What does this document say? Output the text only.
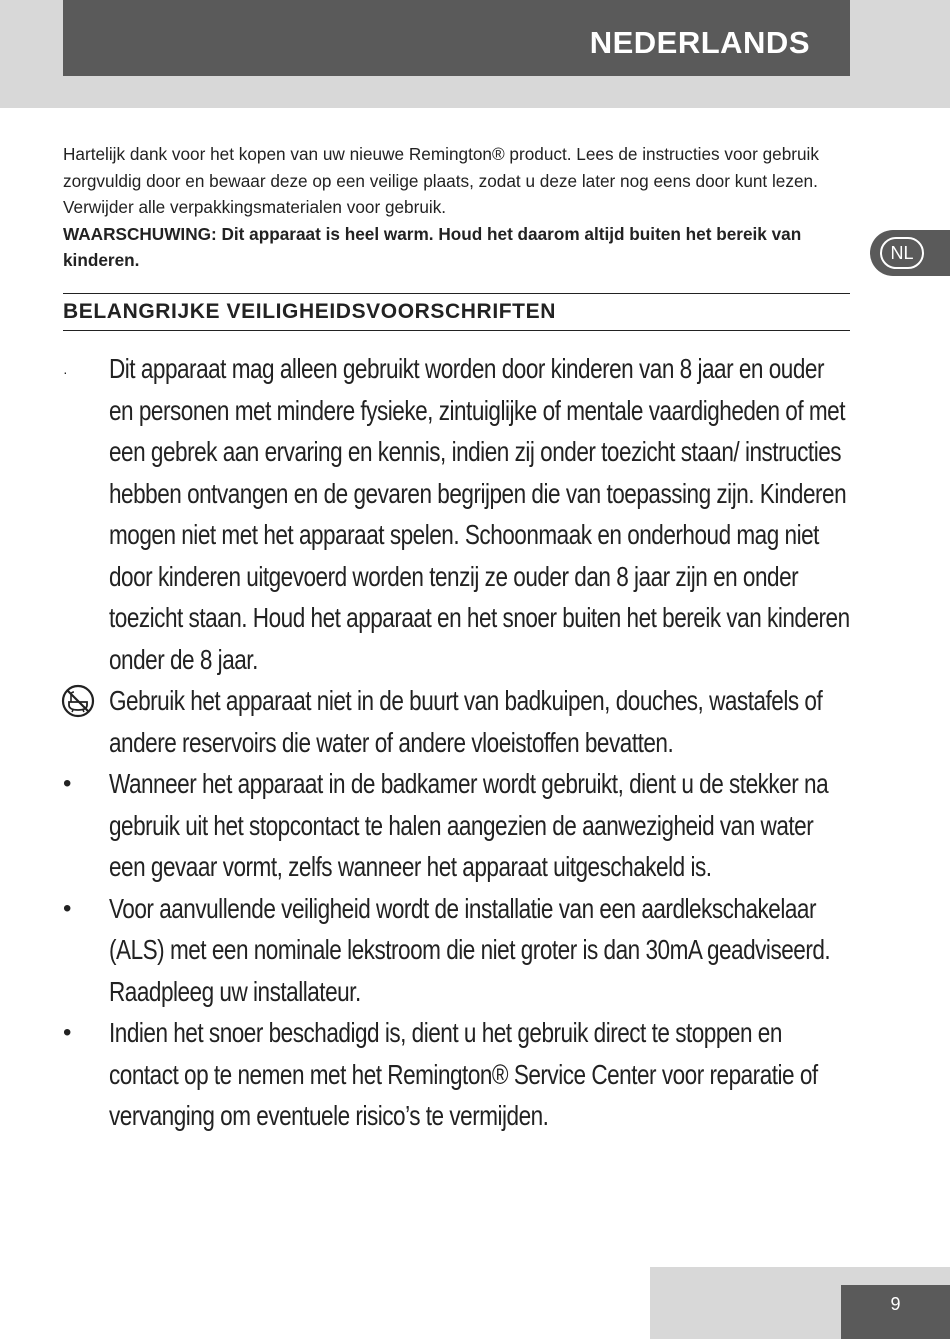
NEDERLANDS
NL

Hartelijk dank voor het kopen van uw nieuwe Remington® product. Lees de instructies voor gebruik zorgvuldig door en bewaar deze op een veilige plaats, zodat u deze later nog eens door kunt lezen. Verwijder alle verpakkingsmaterialen voor gebruik.

WAARSCHUWING: Dit apparaat is heel warm. Houd het daarom altijd buiten het bereik van kinderen.

BELANGRIJKE VEILIGHEIDSVOORSCHRIFTEN
· Dit apparaat mag alleen gebruikt worden door kinderen van 8 jaar en ouder en personen met mindere fysieke, zintuiglijke of mentale vaardigheden of met een gebrek aan ervaring en kennis, indien zij onder toezicht staan/ instructies hebben ontvangen en de gevaren begrijpen die van toepassing zijn. Kinderen mogen niet met het apparaat spelen. Schoonmaak en onderhoud mag niet door kinderen uitgevoerd worden tenzij ze ouder dan 8 jaar zijn en onder toezicht staan. Houd het apparaat en het snoer buiten het bereik van kinderen onder de 8 jaar.
Gebruik het apparaat niet in de buurt van badkuipen, douches, wastafels of andere reservoirs die water of andere vloeistoffen bevatten.
• Wanneer het apparaat in de badkamer wordt gebruikt, dient u de stekker na gebruik uit het stopcontact te halen aangezien de aanwezigheid van water een gevaar vormt, zelfs wanneer het apparaat uitgeschakeld is.
• Voor aanvullende veiligheid wordt de installatie van een aardlekschakelaar (ALS) met een nominale lekstroom die niet groter is dan 30mA geadviseerd. Raadpleeg uw installateur.
• Indien het snoer beschadigd is, dient u het gebruik direct te stoppen en contact op te nemen met het Remington® Service Center voor reparatie of vervanging om eventuele risico’s te vermijden.
9
